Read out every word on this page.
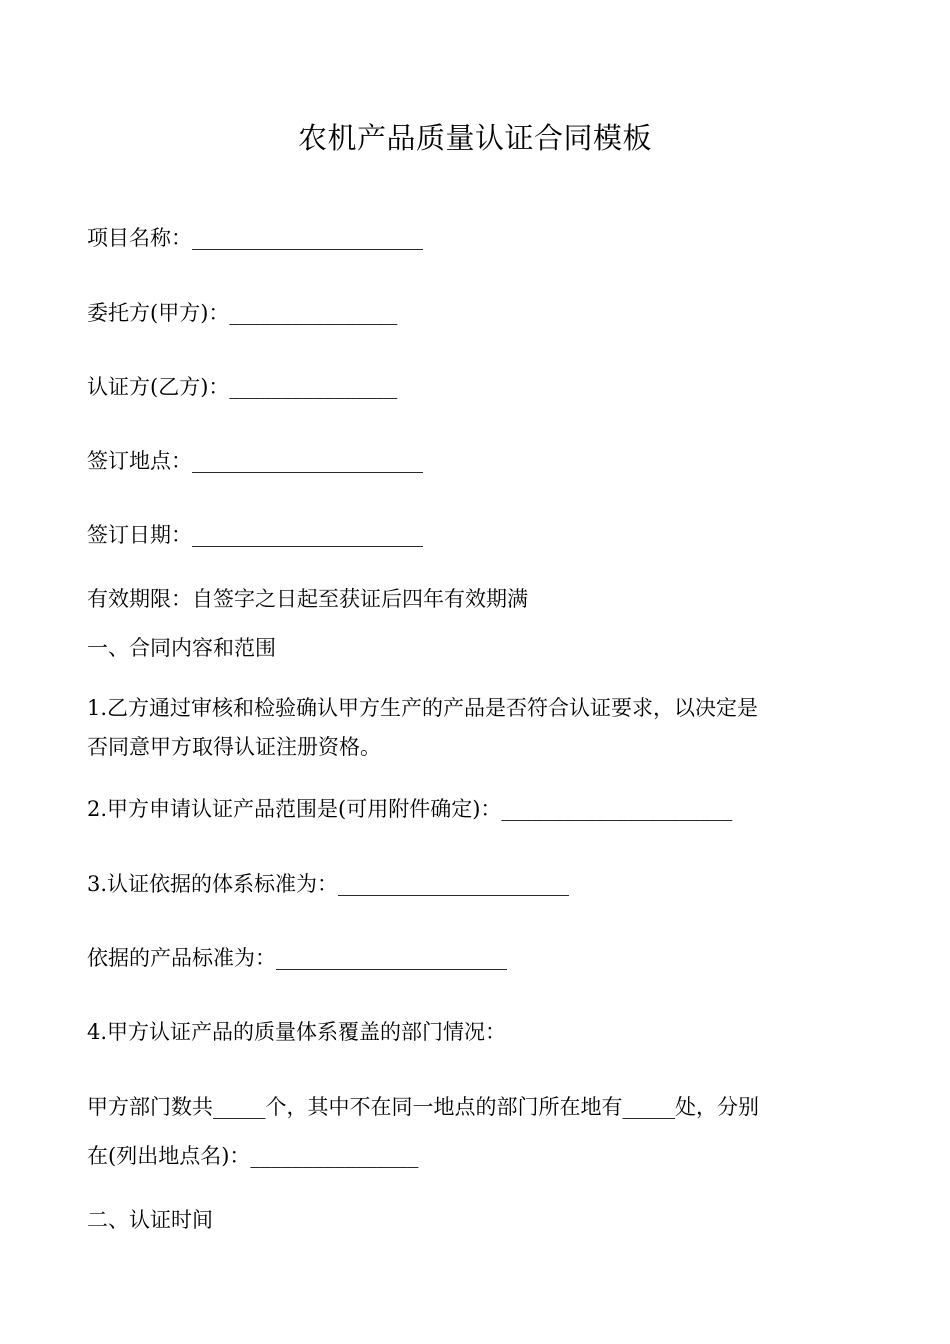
农机产品质量认证合同模板
项目名称：______________________
委托方(甲方)：________________
认证方(乙方)：________________
签订地点：______________________
签订日期：______________________
有效期限：自签字之日起至获证后四年有效期满
一、合同内容和范围
1.乙方通过审核和检验确认甲方生产的产品是否符合认证要求，以决定是
否同意甲方取得认证注册资格。
2.甲方申请认证产品范围是(可用附件确定)：______________________
3.认证依据的体系标准为：______________________
依据的产品标准为：______________________
4.甲方认证产品的质量体系覆盖的部门情况：
甲方部门数共_____个，其中不在同一地点的部门所在地有_____处，分别
在(列出地点名)：________________
二、认证时间
